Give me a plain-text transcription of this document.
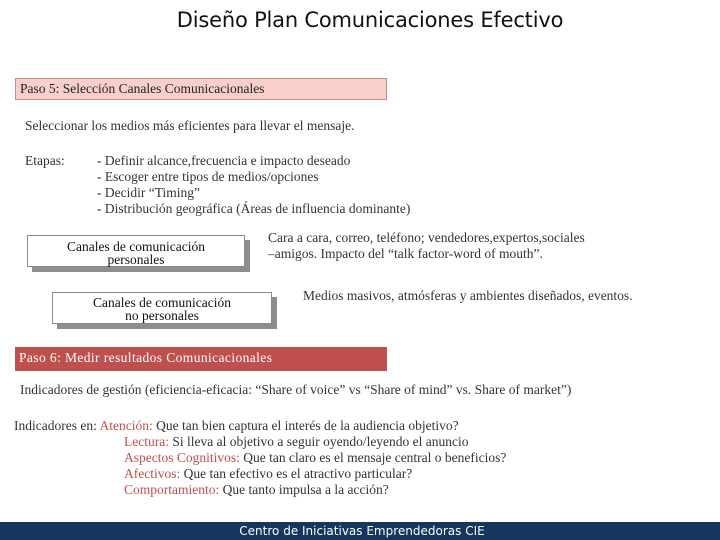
Diseño Plan Comunicaciones Efectivo
Paso 5: Selección Canales Comunicacionales
Seleccionar los medios más eficientes para llevar el mensaje.
Etapas: - Definir alcance,frecuencia e impacto deseado
- Escoger entre tipos de medios/opciones
- Decidir “Timing”
- Distribución geográfica (Áreas de influencia dominante)
Canales de comunicación
personales
Cara a cara, correo, teléfono; vendedores,expertos,sociales
–amigos. Impacto del “talk factor-word of mouth”.
Canales de comunicación
no personales
Medios masivos, atmósferas y ambientes diseñados, eventos.
Paso 6: Medir resultados Comunicacionales
Indicadores de gestión (eficiencia-eficacia: “Share of voice” vs “Share of mind” vs. Share of market”)
Indicadores en: Atención: Que tan bien captura el interés de la audiencia objetivo?
Lectura: Si lleva al objetivo a seguir oyendo/leyendo el anuncio
Aspectos Cognitivos: Que tan claro es el mensaje central o beneficios?
Afectivos: Que tan efectivo es el atractivo particular?
Comportamiento: Que tanto impulsa a la acción?
Centro de Iniciativas Emprendedoras CIE
